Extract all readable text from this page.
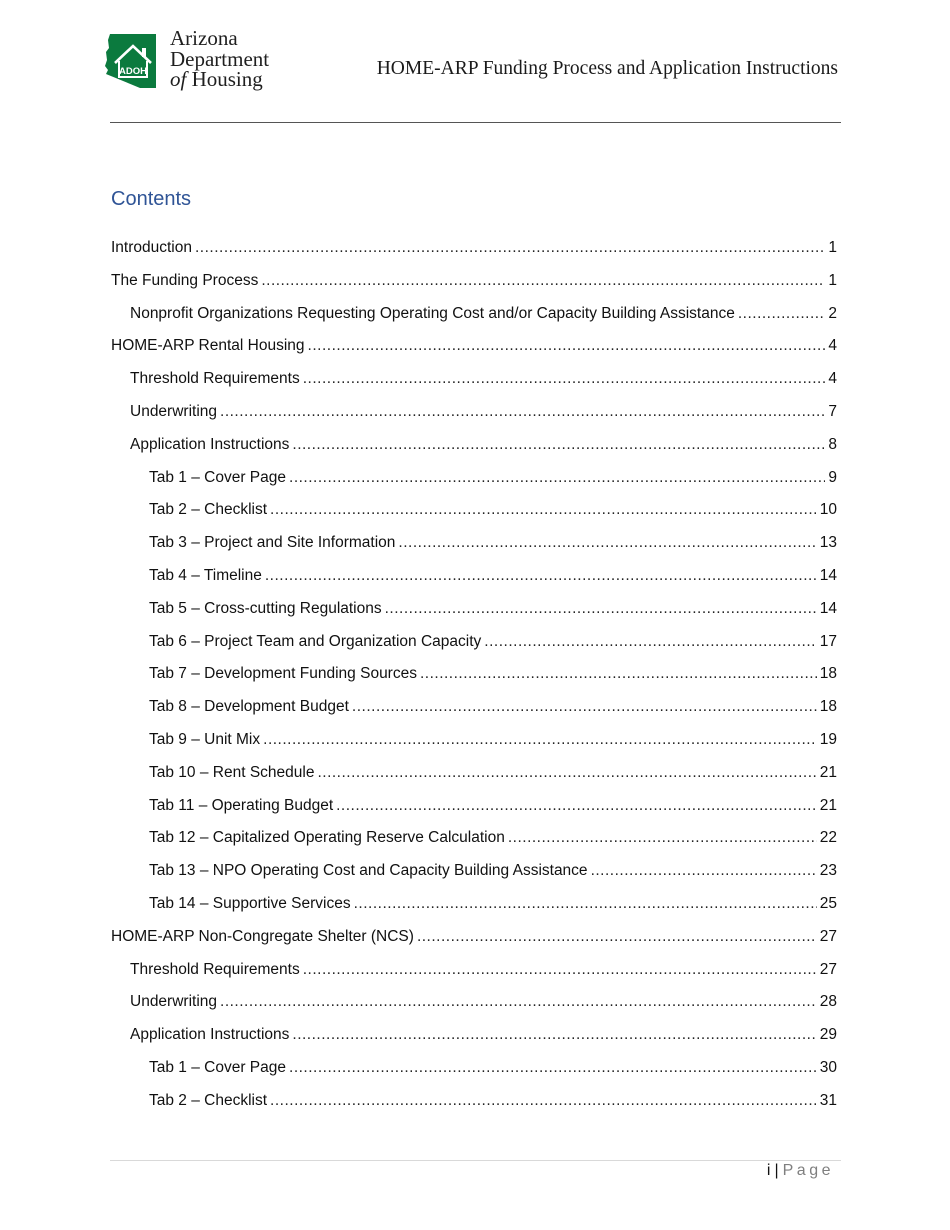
ADOH
Arizona
Department
of Housing	HOME-ARP Funding Process and Application Instructions
Contents
Introduction .....	1
The Funding Process .....	1
Nonprofit Organizations Requesting Operating Cost and/or Capacity Building Assistance .....	2
HOME-ARP Rental Housing .....	4
Threshold Requirements .....	4
Underwriting .....	7
Application Instructions .....	8
Tab 1 – Cover Page .....	9
Tab 2 – Checklist .....	10
Tab 3 – Project and Site Information .....	13
Tab 4 – Timeline .....	14
Tab 5 – Cross-cutting Regulations .....	14
Tab 6 – Project Team and Organization Capacity .....	17
Tab 7 – Development Funding Sources .....	18
Tab 8 – Development Budget .....	18
Tab 9 – Unit Mix .....	19
Tab 10 – Rent Schedule .....	21
Tab 11 – Operating Budget .....	21
Tab 12 – Capitalized Operating Reserve Calculation .....	22
Tab 13 – NPO Operating Cost and Capacity Building Assistance .....	23
Tab 14 – Supportive Services .....	25
HOME-ARP Non-Congregate Shelter (NCS) .....	27
Threshold Requirements .....	27
Underwriting .....	28
Application Instructions .....	29
Tab 1 – Cover Page .....	30
Tab 2 – Checklist .....	31
i | Page
